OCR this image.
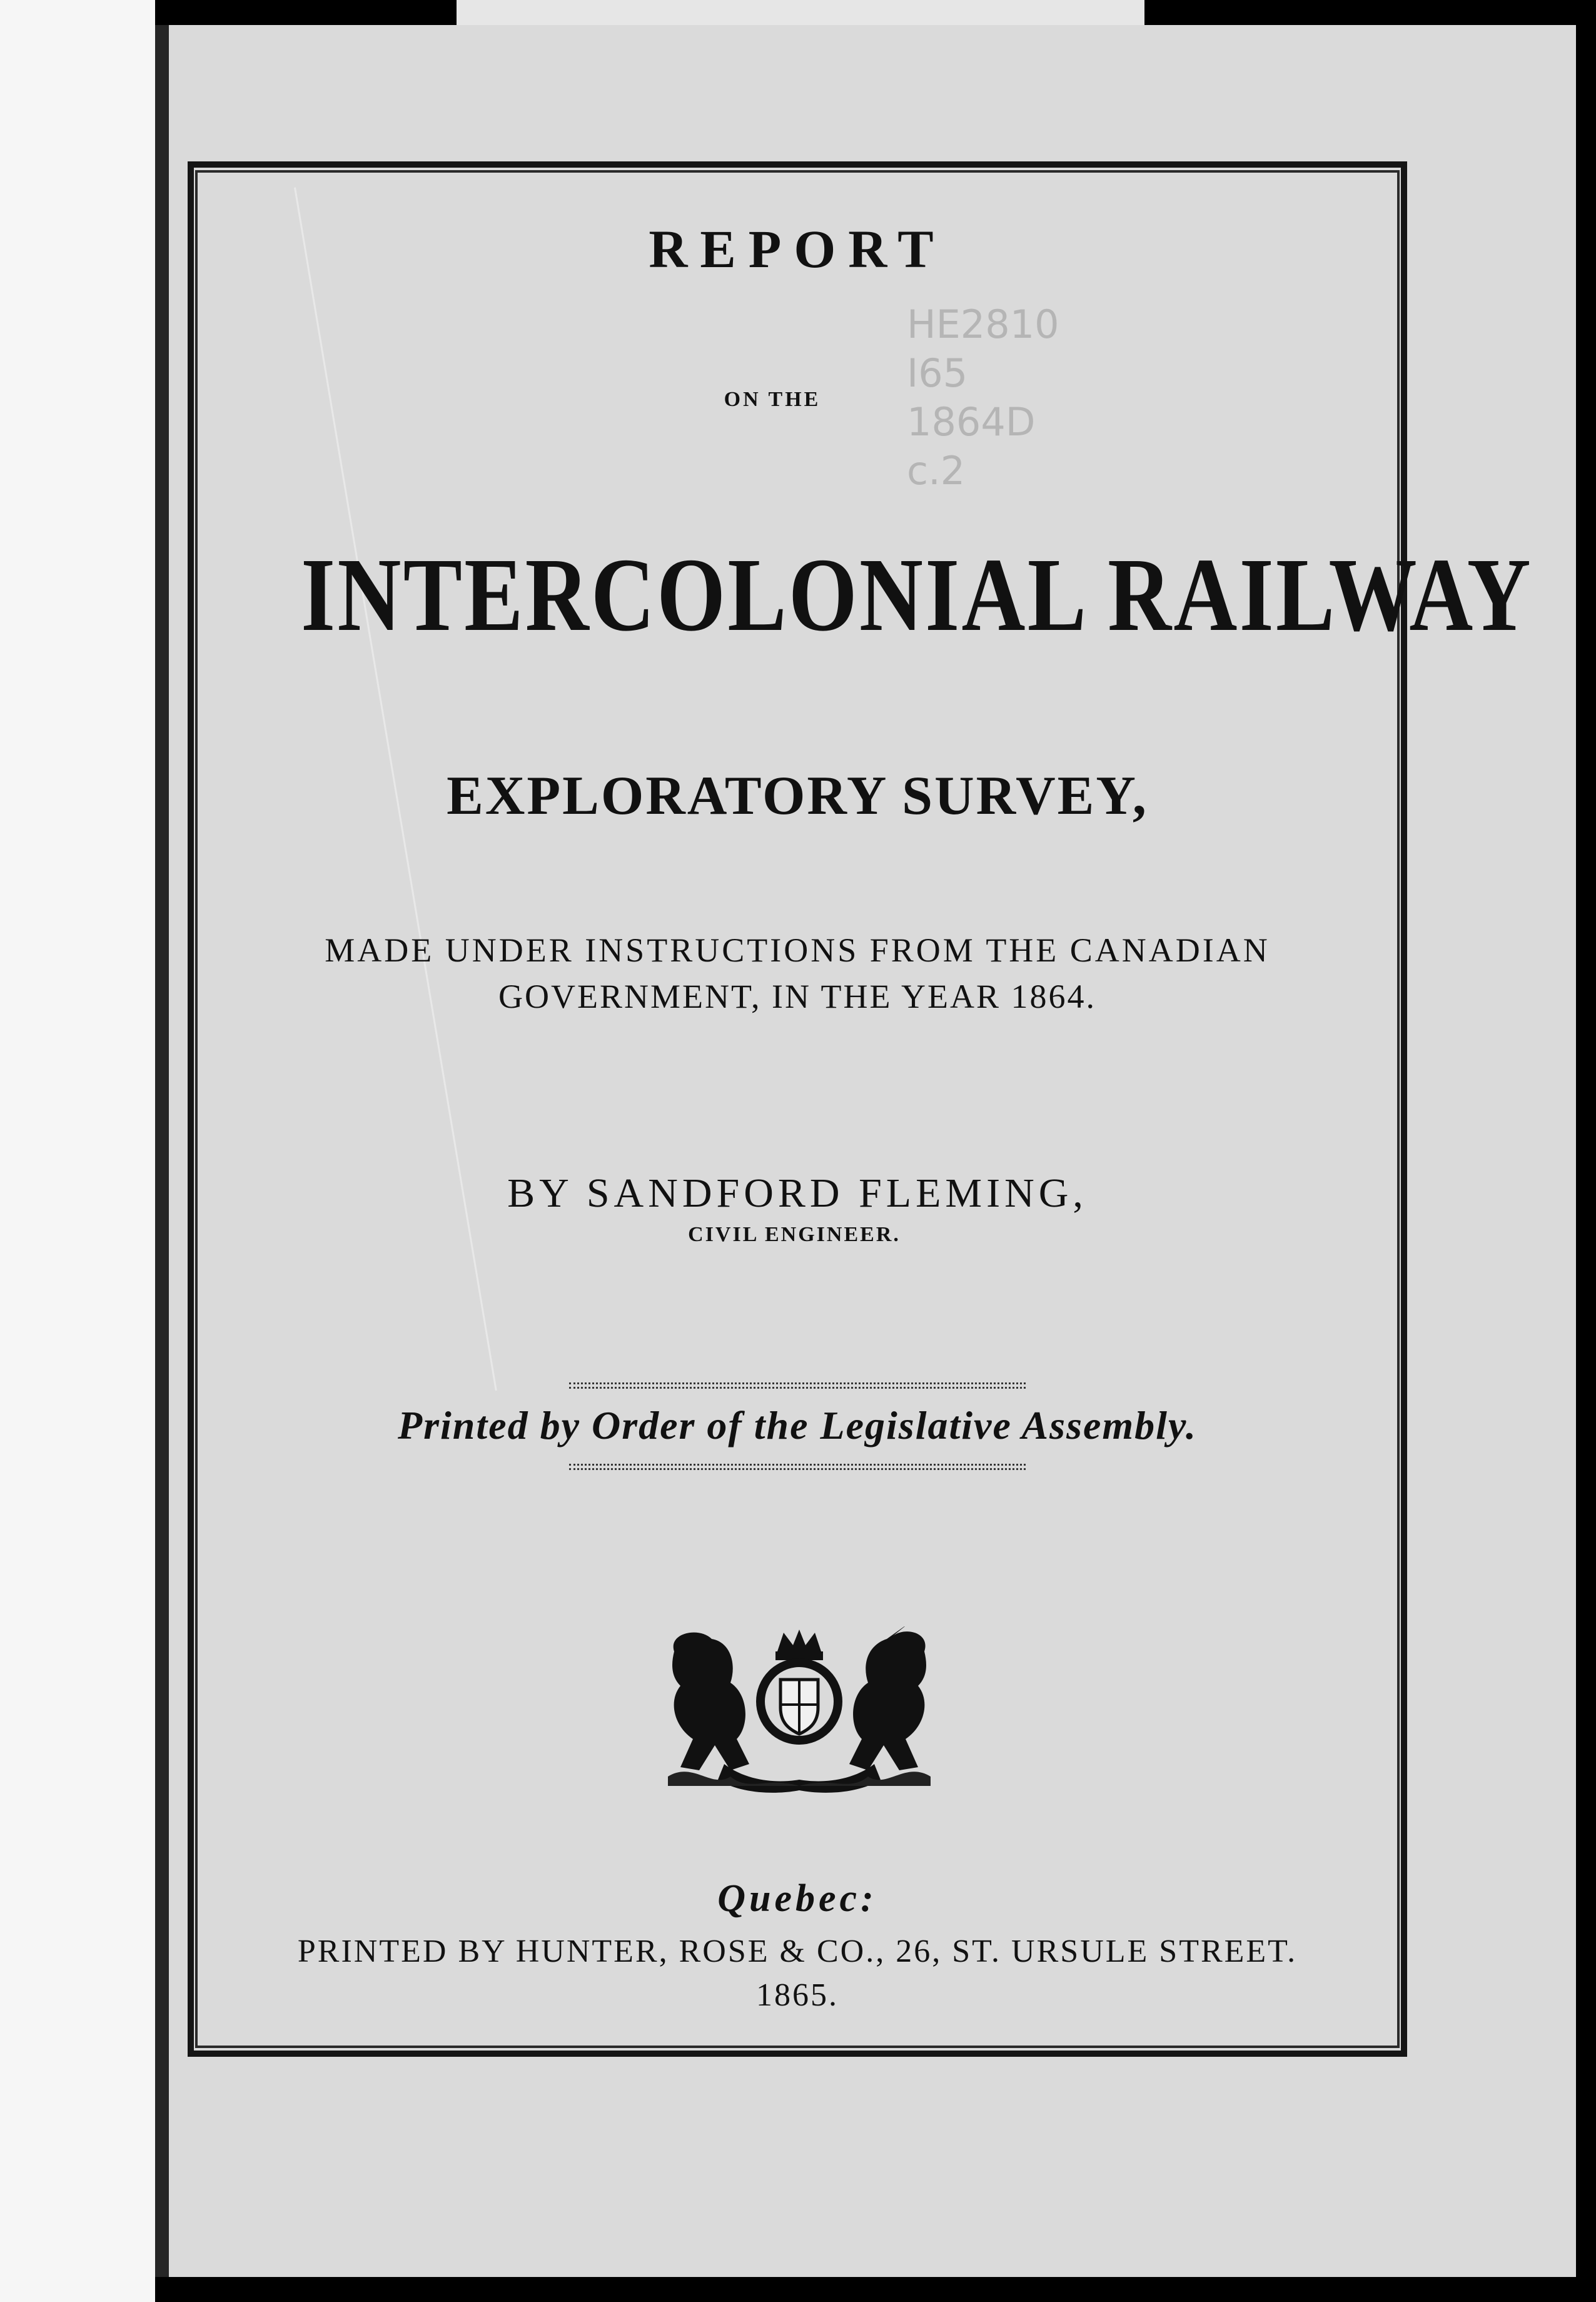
REPORT

ON THE

HE2810
I65
1864D
c.2

INTERCOLONIAL RAILWAY

EXPLORATORY SURVEY,

MADE UNDER INSTRUCTIONS FROM THE CANADIAN

GOVERNMENT, IN THE YEAR 1864.

BY SANDFORD FLEMING,

CIVIL ENGINEER.

Printed by Order of the Legislative Assembly.

Quebec:

PRINTED BY HUNTER, ROSE & CO., 26, ST. URSULE STREET.

1865.
